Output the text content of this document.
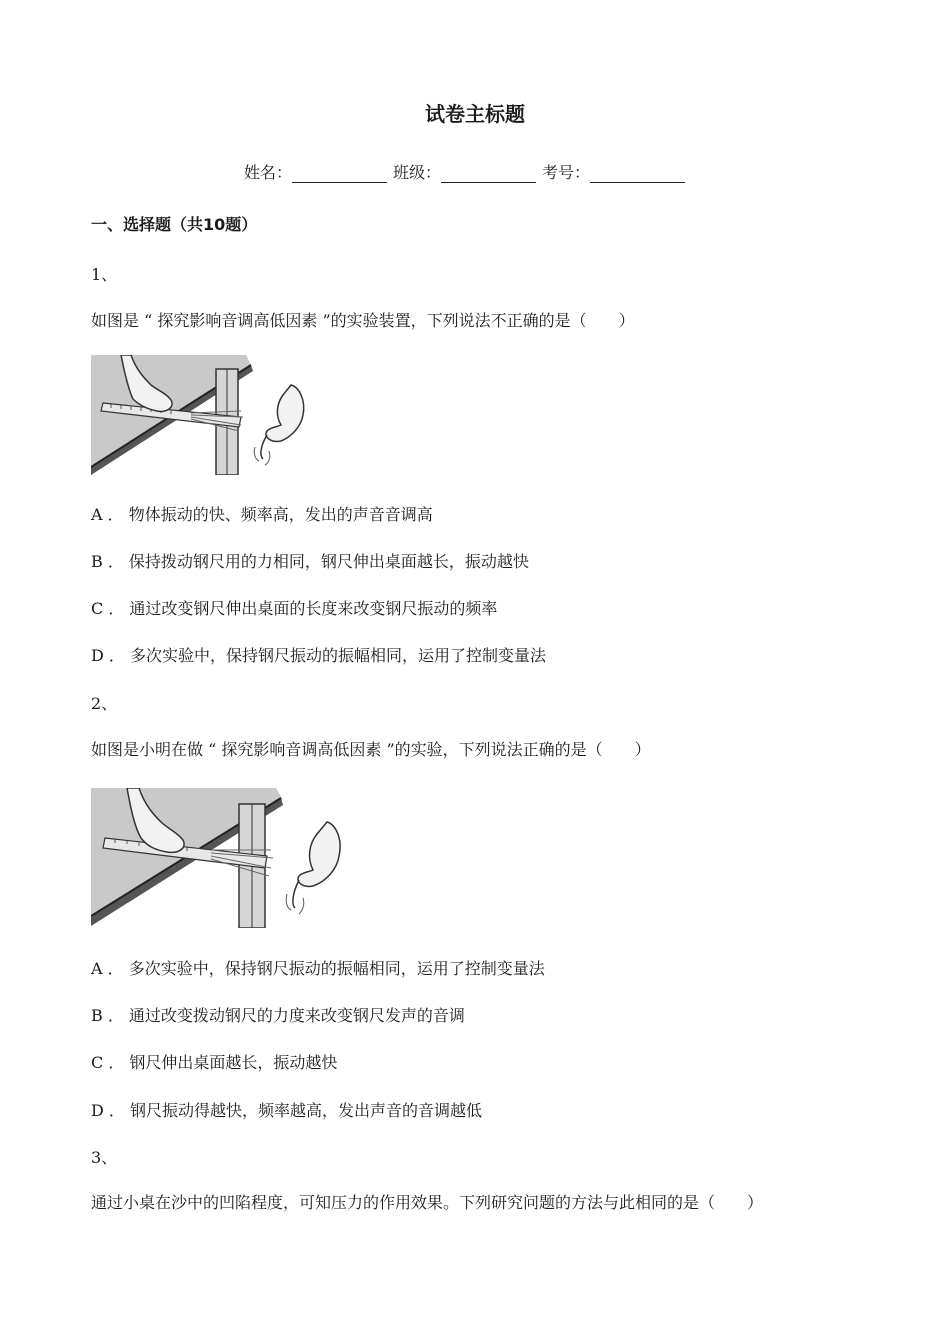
试卷主标题
姓名：	班级：	考号：
一、选择题（共10题）
1、
如图是 “ 探究影响音调高低因素 ”的实验装置，下列说法不正确的是（　　）
A ． 物体振动的快、频率高，发出的声音音调高
B ． 保持拨动钢尺用的力相同，钢尺伸出桌面越长，振动越快
C ． 通过改变钢尺伸出桌面的长度来改变钢尺振动的频率
D ． 多次实验中，保持钢尺振动的振幅相同，运用了控制变量法
2、
如图是小明在做 “ 探究影响音调高低因素 ”的实验，下列说法正确的是（　　）
A ． 多次实验中，保持钢尺振动的振幅相同，运用了控制变量法
B ． 通过改变拨动钢尺的力度来改变钢尺发声的音调
C ． 钢尺伸出桌面越长，振动越快
D ． 钢尺振动得越快，频率越高，发出声音的音调越低
3、
通过小桌在沙中的凹陷程度，可知压力的作用效果。下列研究问题的方法与此相同的是（　　）
